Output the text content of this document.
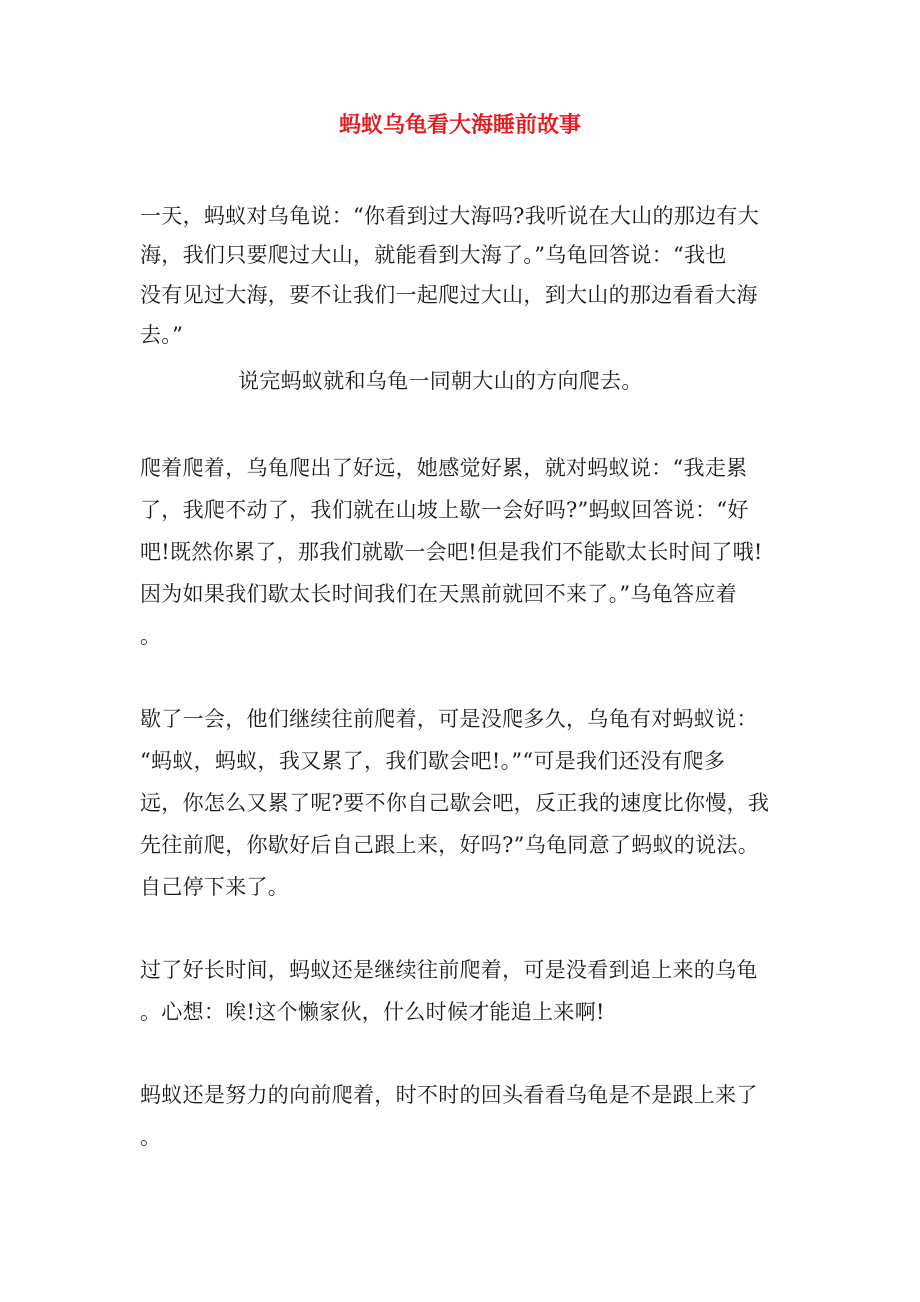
蚂蚁乌龟看大海睡前故事
一天，蚂蚁对乌龟说：“你看到过大海吗?我听说在大山的那边有大
海，我们只要爬过大山，就能看到大海了。”乌龟回答说：“我也
没有见过大海，要不让我们一起爬过大山，到大山的那边看看大海
去。”
说完蚂蚁就和乌龟一同朝大山的方向爬去。
爬着爬着，乌龟爬出了好远，她感觉好累，就对蚂蚁说：“我走累
了，我爬不动了，我们就在山坡上歇一会好吗?”蚂蚁回答说：“好
吧!既然你累了，那我们就歇一会吧!但是我们不能歇太长时间了哦!
因为如果我们歇太长时间我们在天黑前就回不来了。”乌龟答应着
。
歇了一会，他们继续往前爬着，可是没爬多久，乌龟有对蚂蚁说：
“蚂蚁，蚂蚁，我又累了，我们歇会吧!。”“可是我们还没有爬多
远，你怎么又累了呢?要不你自己歇会吧，反正我的速度比你慢，我
先往前爬，你歇好后自己跟上来，好吗?”乌龟同意了蚂蚁的说法。
自己停下来了。
过了好长时间，蚂蚁还是继续往前爬着，可是没看到追上来的乌龟
。心想：唉!这个懒家伙，什么时候才能追上来啊!
蚂蚁还是努力的向前爬着，时不时的回头看看乌龟是不是跟上来了
。
